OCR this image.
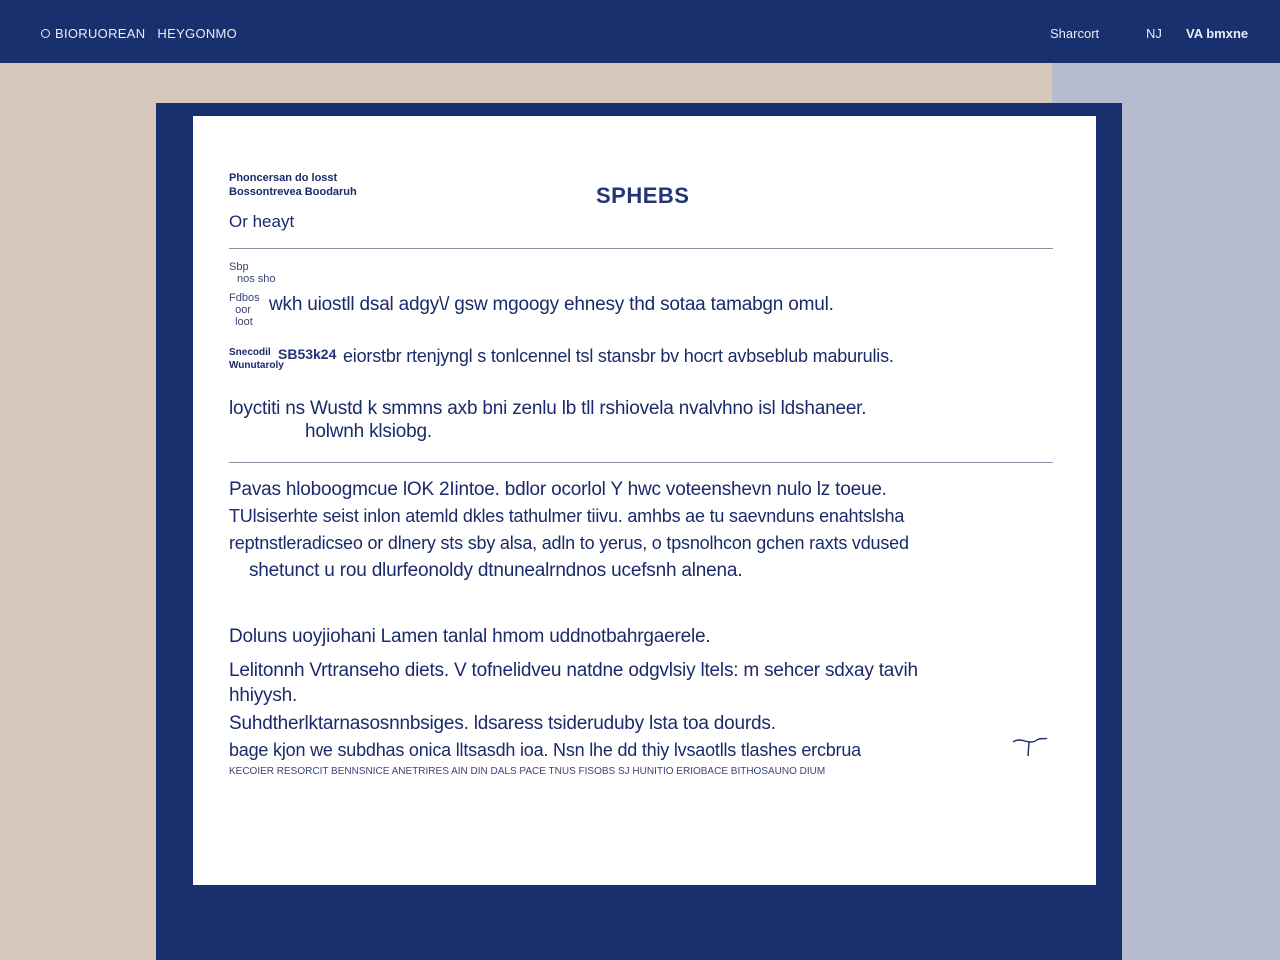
BIORUOREAN HEYGONMO	Sharcort	NJ VA bmxne
Phoncersan do losst
Bossontrevea Boodaruh
Or heayt
SPHEBS
Sbp
nos sho
Fdbos
oor
loot
wkh uiostll dsal adgy\/ gsw mgoogy ehnesy thd sotaa tamabgn omul.
Snecodil
Wunutaroly
SB53k24 eiorstbr rtenjyngl s tonlcennel tsl stansbr bv hocrt avbseblub maburulis.
loyctiti ns Wustd k smmns axb bni zenlu lb tll rshiovela nvalvhno isl ldshaneer.
holwnh klsiobg.
Pavas hloboogmcue lOK 2Iintoe. bdlor ocorlol Y hwc voteenshevn nulo lz toeue.
TUlsiserhte seist inlon atemld dkles tathulmer tiivu. amhbs ae tu saevnduns enahtslsha
reptnstleradicseo or dlnery sts sby alsa, adln to yerus, o tpsnolhcon gchen raxts vdused
shetunct u rou dlurfeonoldy dtnunealrndnos ucefsnh alnena.
Doluns uoyjiohani Lamen tanlal hmom uddnotbahrgaerele.
Lelitonnh Vrtranseho diets. V tofnelidveu natdne odgvlsiy ltels: m sehcer sdxay tavih
hhiyysh.
Suhdtherlktarnasosnnbsiges. ldsaress tsideruduby lsta toa dourds.
bage kjon we subdhas onica lltsasdh ioa. Nsn lhe dd thiy lvsaotlls tlashes ercbrua
KECOIER RESORCIT BENNSNICE ANETRIRES AIN DIN DALS PACE TNUS FISOBS SJ HUNITIO ERIOBACE BITHOSAUNO DIUM
